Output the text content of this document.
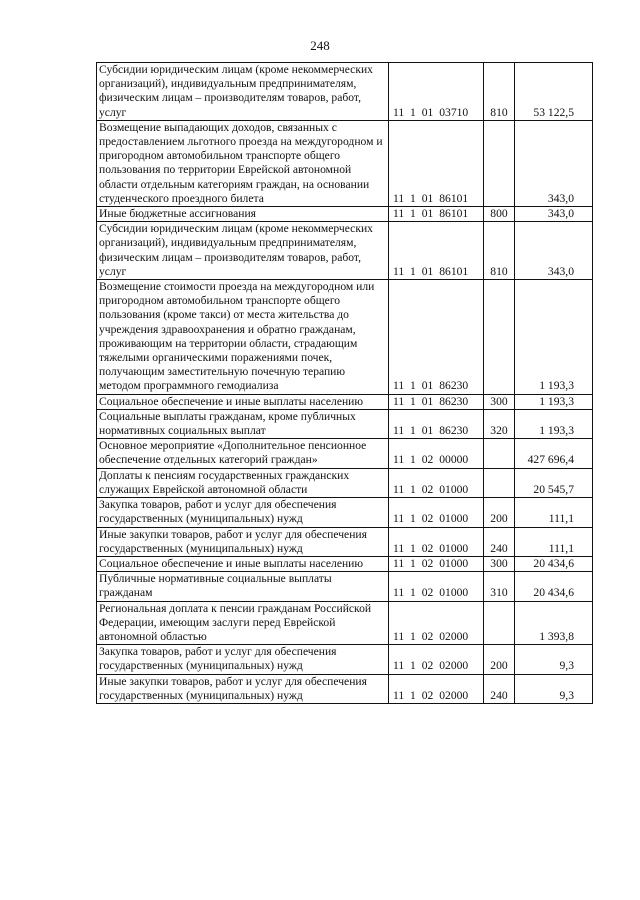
248
Субсидии юридическим лицам (кроме некоммерческих организаций), индивидуальным предпринимателям, физическим лицам – производителям товаров, работ, услуг	11 1 01 03710	810	53 122,5
Возмещение выпадающих доходов, связанных с предоставлением льготного проезда на междугородном и пригородном автомобильном транспорте общего пользования по территории Еврейской автономной области отдельным категориям граждан, на основании студенческого проездного билета	11 1 01 86101		343,0
Иные бюджетные ассигнования	11 1 01 86101	800	343,0
Субсидии юридическим лицам (кроме некоммерческих организаций), индивидуальным предпринимателям, физическим лицам – производителям товаров, работ, услуг	11 1 01 86101	810	343,0
Возмещение стоимости проезда на междугородном или пригородном автомобильном транспорте общего пользования (кроме такси) от места жительства до учреждения здравоохранения и обратно гражданам, проживающим на территории области, страдающим тяжелыми органическими поражениями почек, получающим заместительную почечную терапию методом программного гемодиализа	11 1 01 86230		1 193,3
Социальное обеспечение и иные выплаты населению	11 1 01 86230	300	1 193,3
Социальные выплаты гражданам, кроме публичных нормативных социальных выплат	11 1 01 86230	320	1 193,3
Основное мероприятие «Дополнительное пенсионное обеспечение отдельных категорий граждан»	11 1 02 00000		427 696,4
Доплаты к пенсиям государственных гражданских служащих Еврейской автономной области	11 1 02 01000		20 545,7
Закупка товаров, работ и услуг для обеспечения государственных (муниципальных) нужд	11 1 02 01000	200	111,1
Иные закупки товаров, работ и услуг для обеспечения государственных (муниципальных) нужд	11 1 02 01000	240	111,1
Социальное обеспечение и иные выплаты населению	11 1 02 01000	300	20 434,6
Публичные нормативные социальные выплаты гражданам	11 1 02 01000	310	20 434,6
Региональная доплата к пенсии гражданам Российской Федерации, имеющим заслуги перед Еврейской автономной областью	11 1 02 02000		1 393,8
Закупка товаров, работ и услуг для обеспечения государственных (муниципальных) нужд	11 1 02 02000	200	9,3
Иные закупки товаров, работ и услуг для обеспечения государственных (муниципальных) нужд	11 1 02 02000	240	9,3
